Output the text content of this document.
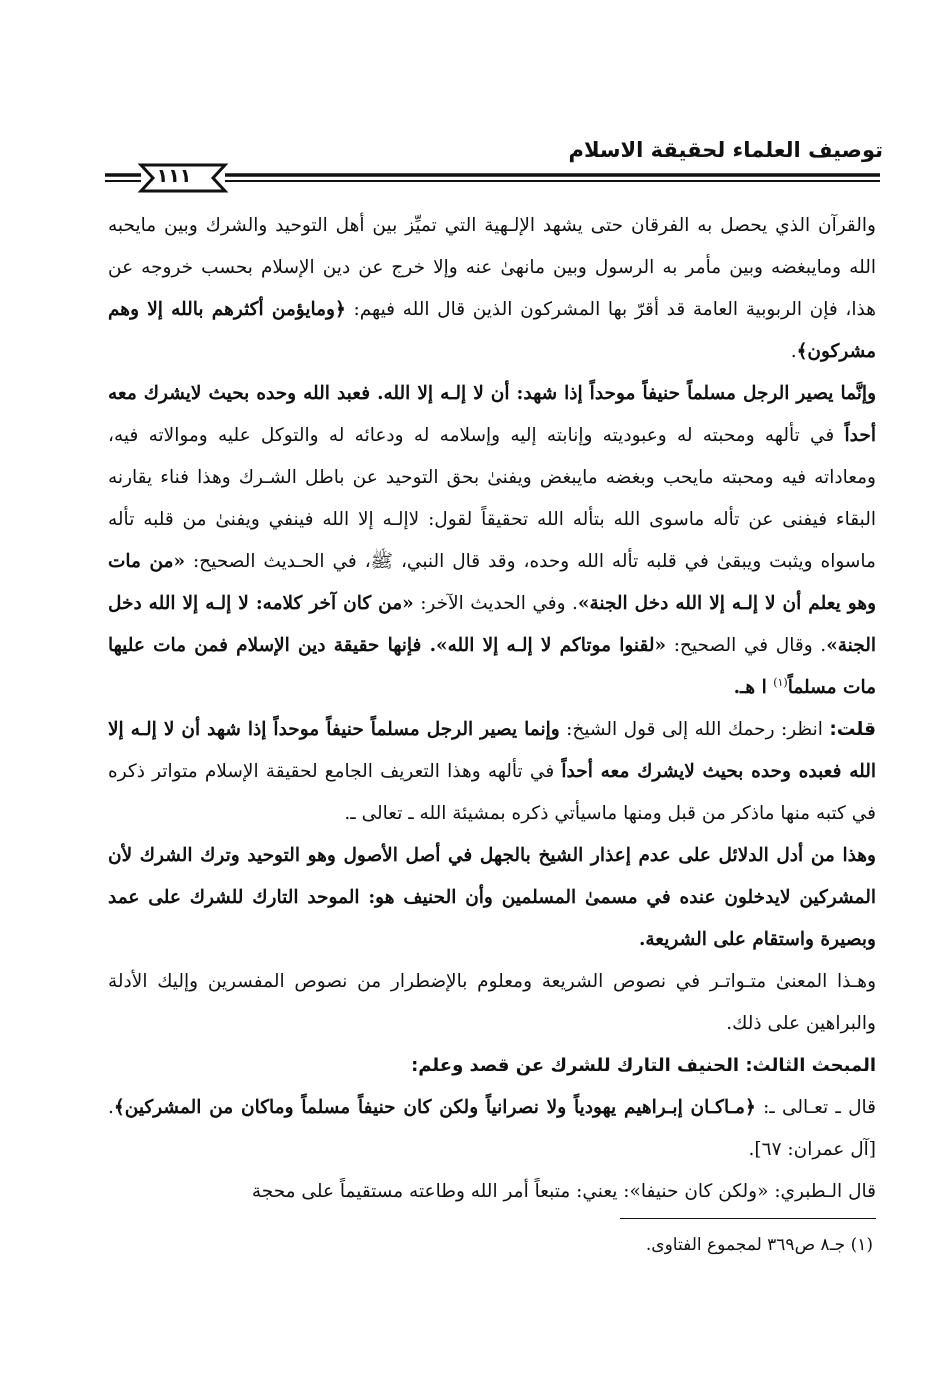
توصيف العلماء لحقيقة الاسلام
١١١

والقرآن الذي يحصل به الفرقان حتى يشهد الإلـهية التي تميِّز بين أهل التوحيد والشرك وبين مايحبه الله ومايبغضه وبين مأمر به الرسول وبين مانهىٰ عنه وإلا خرج عن دين الإسلام بحسب خروجه عن هذا، فإن الربوبية العامة قد أقرّ بها المشركون الذين قال الله فيهم: ﴿ومايؤمن أكثرهم بالله إلا وهم مشركون﴾.

وإنَّما يصير الرجل مسلماً حنيفاً موحداً إذا شهد: أن لا إلـه إلا الله. فعبد الله وحده بحيث لايشرك معه أحداً في تألهه ومحبته له وعبوديته وإنابته إليه وإسلامه له ودعائه له والتوكل عليه وموالاته فيه، ومعاداته فيه ومحبته مايحب وبغضه مايبغض ويفنىٰ بحق التوحيد عن باطل الشـرك وهذا فناء يقارنه البقاء فيفنى عن تأله ماسوى الله بتأله الله تحقيقاً لقول: لاإلـه إلا الله فينفي ويفنىٰ من قلبه تأله ماسواه ويثبت ويبقىٰ في قلبه تأله الله وحده، وقد قال النبي، ﷺ، في الحـديث الصحيح: «من مات وهو يعلم أن لا إلـه إلا الله دخل الجنة». وفي الحديث الآخر: «من كان آخر كلامه: لا إلـه إلا الله دخل الجنة». وقال في الصحيح: «لقنوا موتاكم لا إلـه إلا الله». فإنها حقيقة دين الإسلام فمن مات عليها مات مسلماً$^{(١)}$ ا هـ.

قلت: انظر: رحمك الله إلى قول الشيخ: وإنما يصير الرجل مسلماً حنيفاً موحداً إذا شهد أن لا إلـه إلا الله فعبده وحده بحيث لايشرك معه أحداً في تألهه وهذا التعريف الجامع لحقيقة الإسلام متواتر ذكره في كتبه منها ماذكر من قبل ومنها ماسيأتي ذكره بمشيئة الله ـ تعالى ـ.

وهذا من أدل الدلائل على عدم إعذار الشيخ بالجهل في أصل الأصول وهو التوحيد وترك الشرك لأن المشركين لايدخلون عنده في مسمىٰ المسلمين وأن الحنيف هو: الموحد التارك للشرك على عمد وبصيرة واستقام على الشريعة.

وهـذا المعنىٰ متـواتـر في نصوص الشريعة ومعلوم بالإضطرار من نصوص المفسرين وإليك الأدلة والبراهين على ذلك.

المبحث الثالث: الحنيف التارك للشرك عن قصد وعلم:

قال ـ تعـالى ـ: ﴿مـاكـان إبـراهيم يهودياً ولا نصرانياً ولكن كان حنيفاً مسلماً وماكان من المشركين﴾. [آل عمران: ٦٧].

قال الـطبري: «ولكن كان حنيفا»: يعني: متبعاً أمر الله وطاعته مستقيماً على محجة

(١) جـ٨ ص٣٦٩ لمجموع الفتاوى.
